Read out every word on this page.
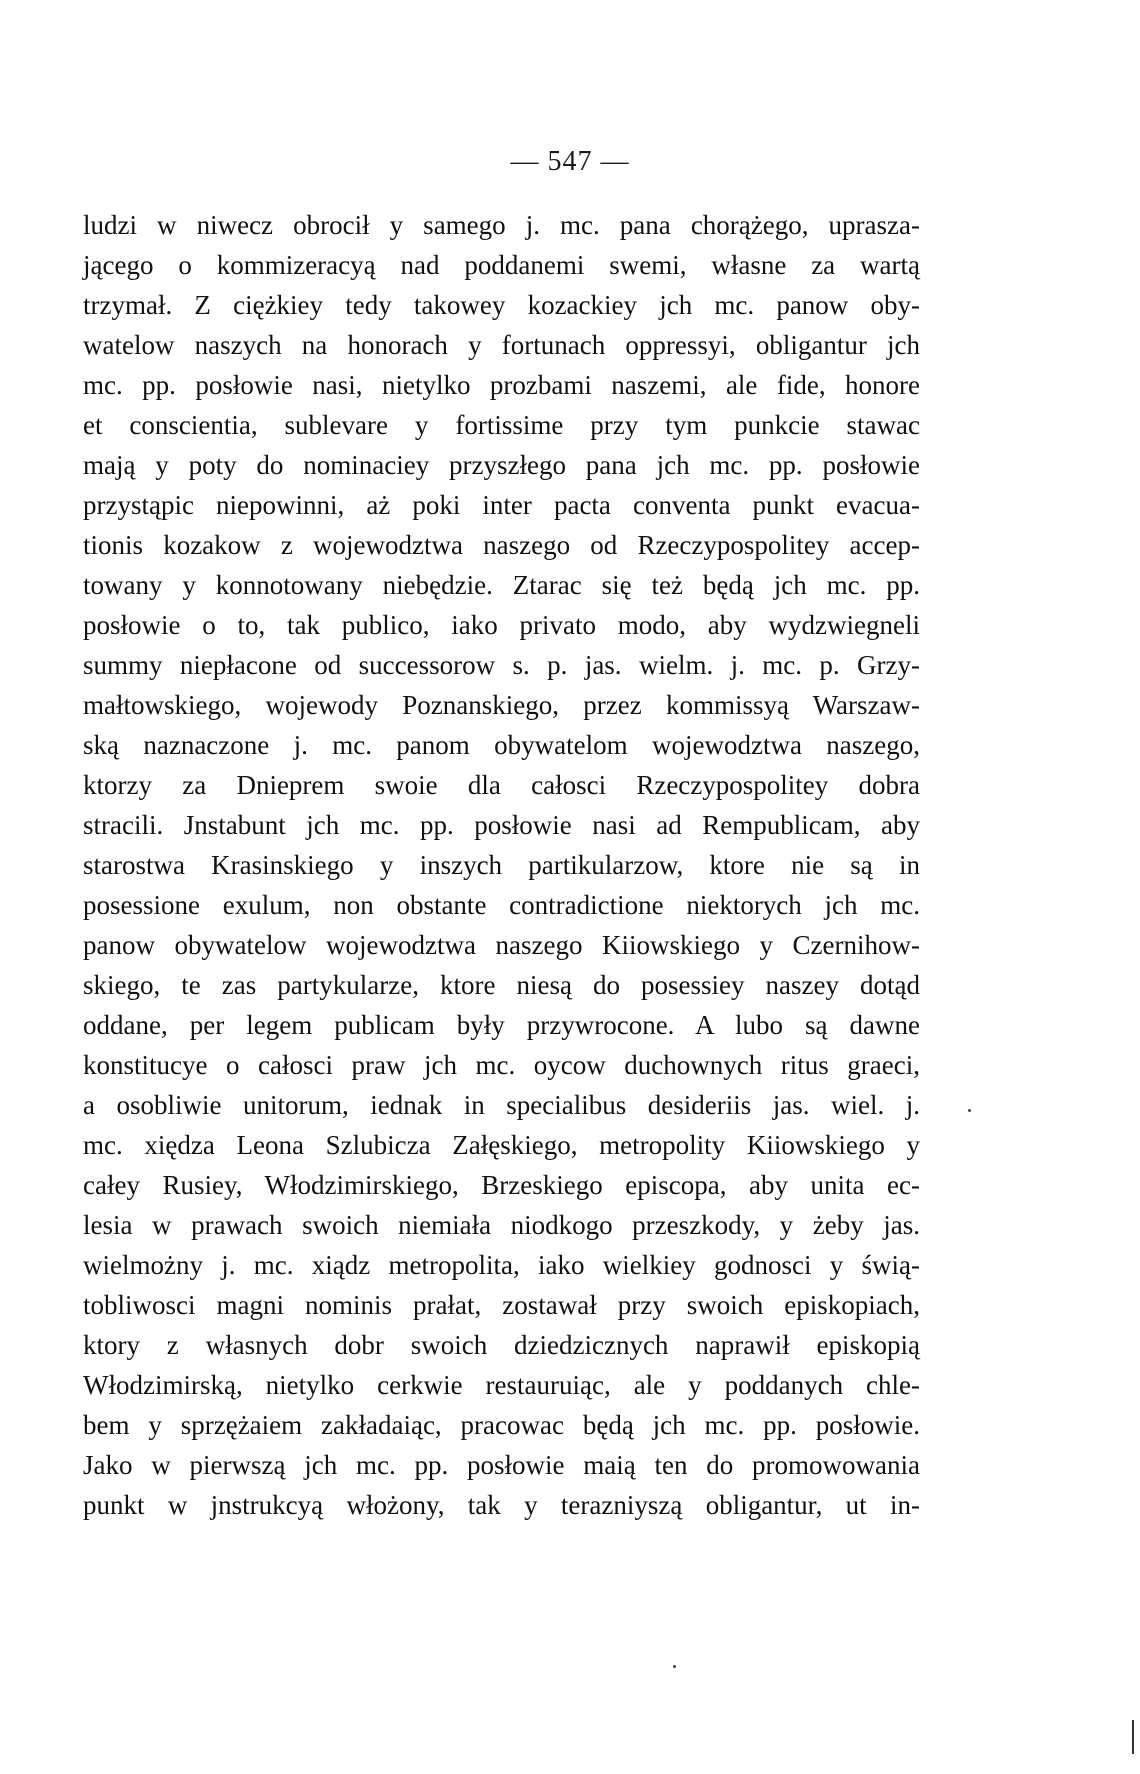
— 547 —
ludzi w niwecz obrocił y samego j. mc. pana chorążego, uprasza-
jącego o kommizeracyą nad poddanemi swemi, własne za wartą
trzymał. Z ciężkiey tedy takowey kozackiey jch mc. panow oby-
watelow naszych na honorach y fortunach oppressyi, obligantur jch
mc. pp. posłowie nasi, nietylko prozbami naszemi, ale fide, honore
et conscientia, sublevare y fortissime przy tym punkcie stawac
mają y poty do nominaciey przyszłego pana jch mc. pp. posłowie
przystąpic niepowinni, aż poki inter pacta conventa punkt evacua-
tionis kozakow z wojewodztwa naszego od Rzeczypospolitey accep-
towany y konnotowany niebędzie. Ztarac się też będą jch mc. pp.
posłowie o to, tak publico, iako privato modo, aby wydzwiegneli
summy niepłacone od successorow s. p. jas. wielm. j. mc. p. Grzy-
małtowskiego, wojewody Poznanskiego, przez kommissyą Warszaw-
ską naznaczone j. mc. panom obywatelom wojewodztwa naszego,
ktorzy za Dnieprem swoie dla całosci Rzeczypospolitey dobra
stracili. Jnstabunt jch mc. pp. posłowie nasi ad Rempublicam, aby
starostwa Krasinskiego y inszych partikularzow, ktore nie są in
posessione exulum, non obstante contradictione niektorych jch mc.
panow obywatelow wojewodztwa naszego Kiiowskiego y Czernihow-
skiego, te zas partykularze, ktore niesą do posessiey naszey dotąd
oddane, per legem publicam były przywrocone. A lubo są dawne
konstitucye o całosci praw jch mc. oycow duchownych ritus graeci,
a osobliwie unitorum, iednak in specialibus desideriis jas. wiel. j.
mc. xiędza Leona Szlubicza Załęskiego, metropolity Kiiowskiego y
całey Rusiey, Włodzimirskiego, Brzeskiego episcopa, aby unita ec-
lesia w prawach swoich niemiała niodkogo przeszkody, y żeby jas.
wielmożny j. mc. xiądz metropolita, iako wielkiey godnosci y świą-
tobliwosci magni nominis prałat, zostawał przy swoich episkopiach,
ktory z własnych dobr swoich dziedzicznych naprawił episkopią
Włodzimirską, nietylko cerkwie restauruiąc, ale y poddanych chle-
bem y sprzężaiem zakładaiąc, pracowac będą jch mc. pp. posłowie.
Jako w pierwszą jch mc. pp. posłowie maią ten do promowowania
punkt w jnstrukcyą włożony, tak y terazniyszą obligantur, ut in-
